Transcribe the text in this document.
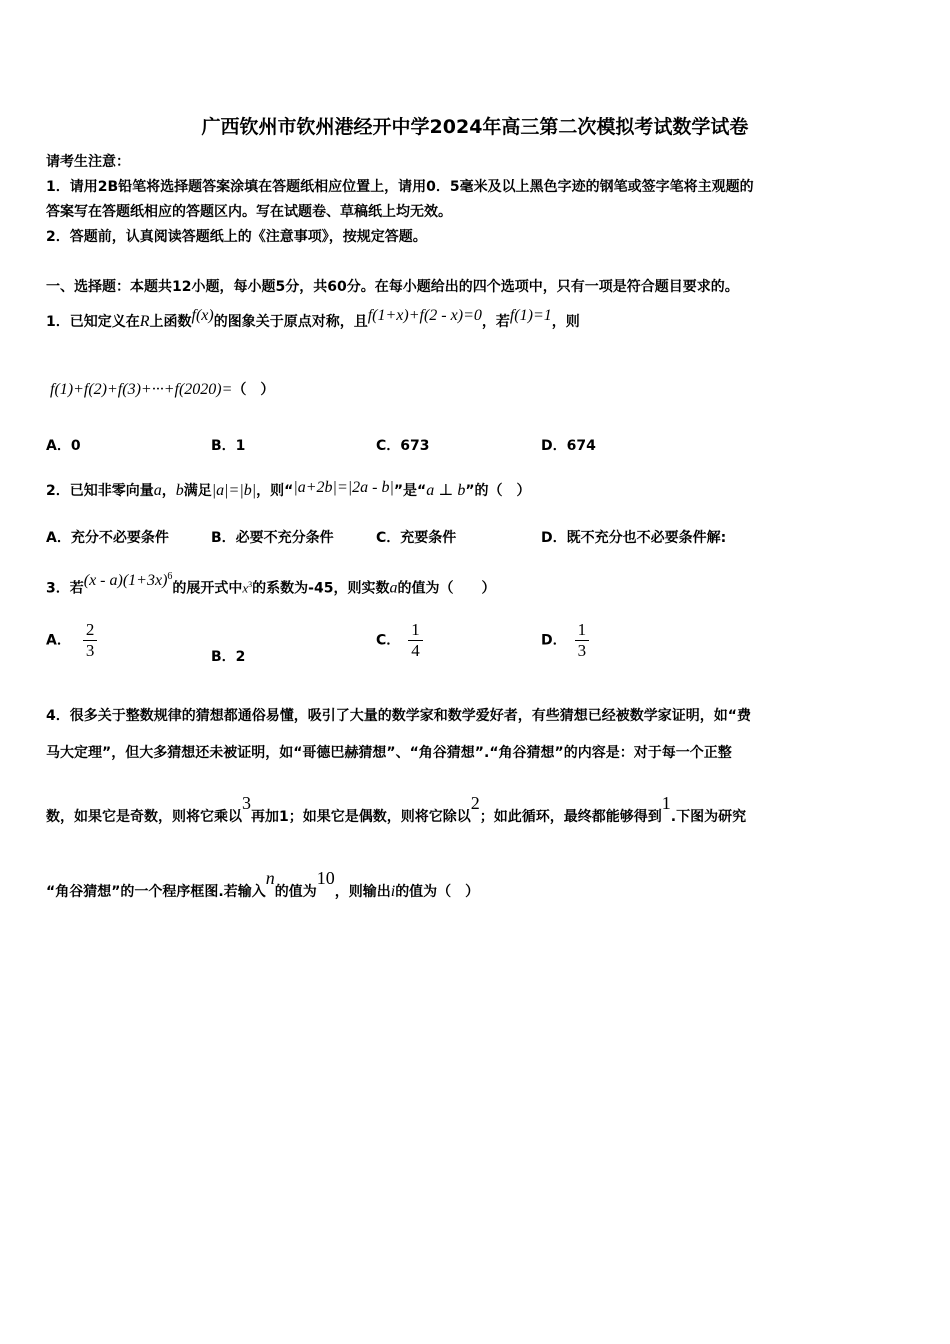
广西钦州市钦州港经开中学2024年高三第二次模拟考试数学试卷
请考生注意：
1．请用2B铅笔将选择题答案涂填在答题纸相应位置上，请用0．5毫米及以上黑色字迹的钢笔或签字笔将主观题的
答案写在答题纸相应的答题区内。写在试题卷、草稿纸上均无效。
2．答题前，认真阅读答题纸上的《注意事项》，按规定答题。
一、选择题：本题共12小题，每小题5分，共60分。在每小题给出的四个选项中，只有一项是符合题目要求的。
1．已知定义在R上函数f(x)的图象关于原点对称，且f(1+x)+f(2 - x)=0，若f(1)=1，则
f(1)+f(2)+f(3)+···+f(2020)=（　）
A．0	B．1	C．673	D．674
2．已知非零向量a，b满足|a|=|b|，则“|a+2b|=|2a - b|”是“a ⊥ b”的（　）
A．充分不必要条件	B．必要不充分条件	C．充要条件	D．既不充分也不必要条件解:
3．若$(x - a)(1+3x)^6$的展开式中$x^3$的系数为-45，则实数a的值为（　　）
A． $\frac{2}{3}$	B．2
C． $\frac{1}{4}$	D． $\frac{1}{3}$
4．很多关于整数规律的猜想都通俗易懂，吸引了大量的数学家和数学爱好者，有些猜想已经被数学家证明，如“费
马大定理”，但大多猜想还未被证明，如“哥德巴赫猜想”、“角谷猜想”.“角谷猜想”的内容是：对于每一个正整
数，如果它是奇数，则将它乘以3再加1；如果它是偶数，则将它除以2；如此循环，最终都能够得到1.下图为研究
“角谷猜想”的一个程序框图.若输入n的值为10，则输出i的值为（　）
